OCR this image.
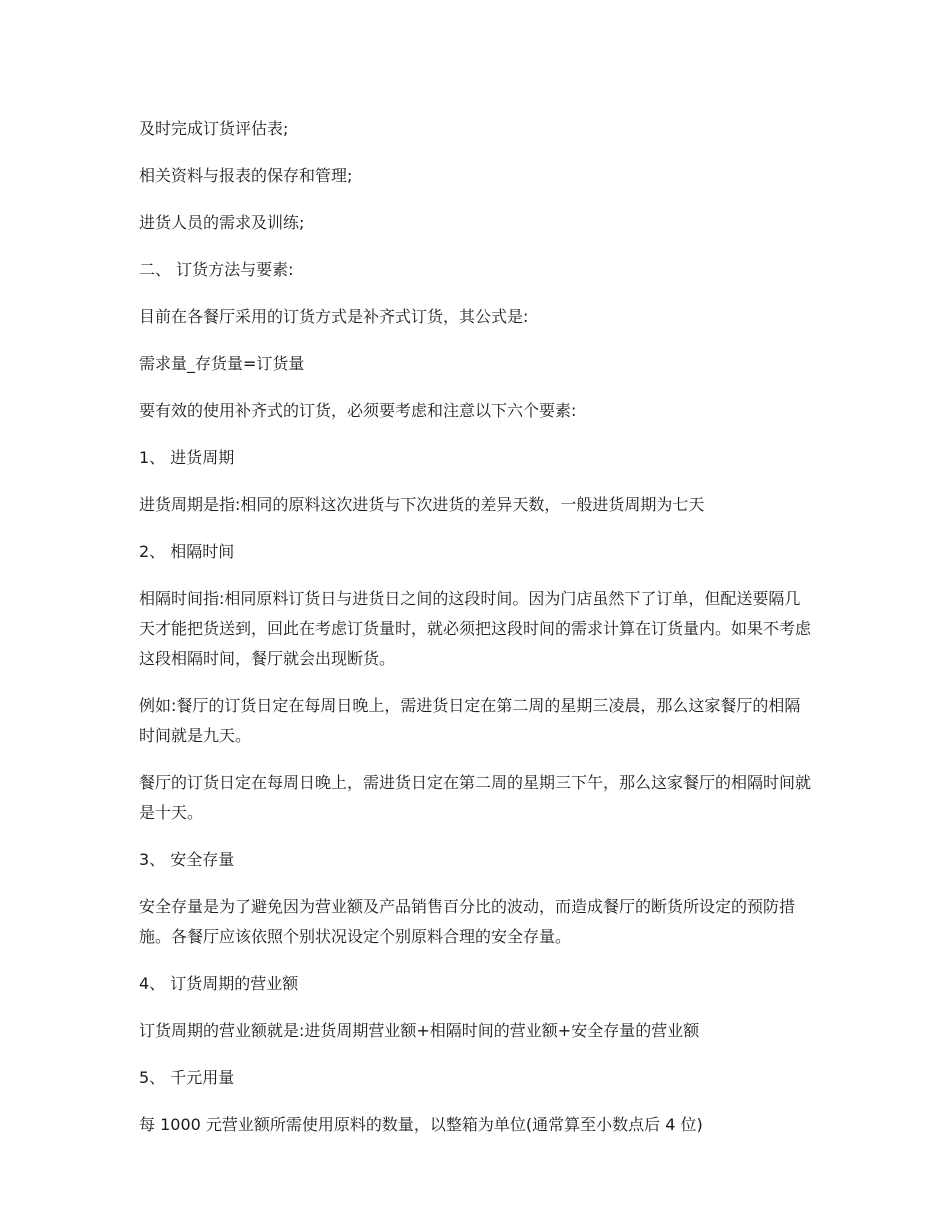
及时完成订货评估表;

相关资料与报表的保存和管理;

进货人员的需求及训练;

二、 订货方法与要素:

目前在各餐厅采用的订货方式是补齐式订货，其公式是:

需求量_存货量=订货量

要有效的使用补齐式的订货，必须要考虑和注意以下六个要素:

1、 进货周期

进货周期是指:相同的原料这次进货与下次进货的差异天数，一般进货周期为七天

2、 相隔时间

相隔时间指:相同原料订货日与进货日之间的这段时间。因为门店虽然下了订单，但配送要隔几天才能把货送到，回此在考虑订货量时，就必须把这段时间的需求计算在订货量内。如果不考虑这段相隔时间，餐厅就会出现断货。

例如:餐厅的订货日定在每周日晚上，需进货日定在第二周的星期三凌晨，那么这家餐厅的相隔时间就是九天。

餐厅的订货日定在每周日晚上，需进货日定在第二周的星期三下午，那么这家餐厅的相隔时间就是十天。

3、 安全存量

安全存量是为了避免因为营业额及产品销售百分比的波动，而造成餐厅的断货所设定的预防措施。各餐厅应该依照个别状况设定个别原料合理的安全存量。

4、 订货周期的营业额

订货周期的营业额就是:进货周期营业额+相隔时间的营业额+安全存量的营业额

5、 千元用量

每 1000 元营业额所需使用原料的数量，以整箱为单位(通常算至小数点后 4 位)
